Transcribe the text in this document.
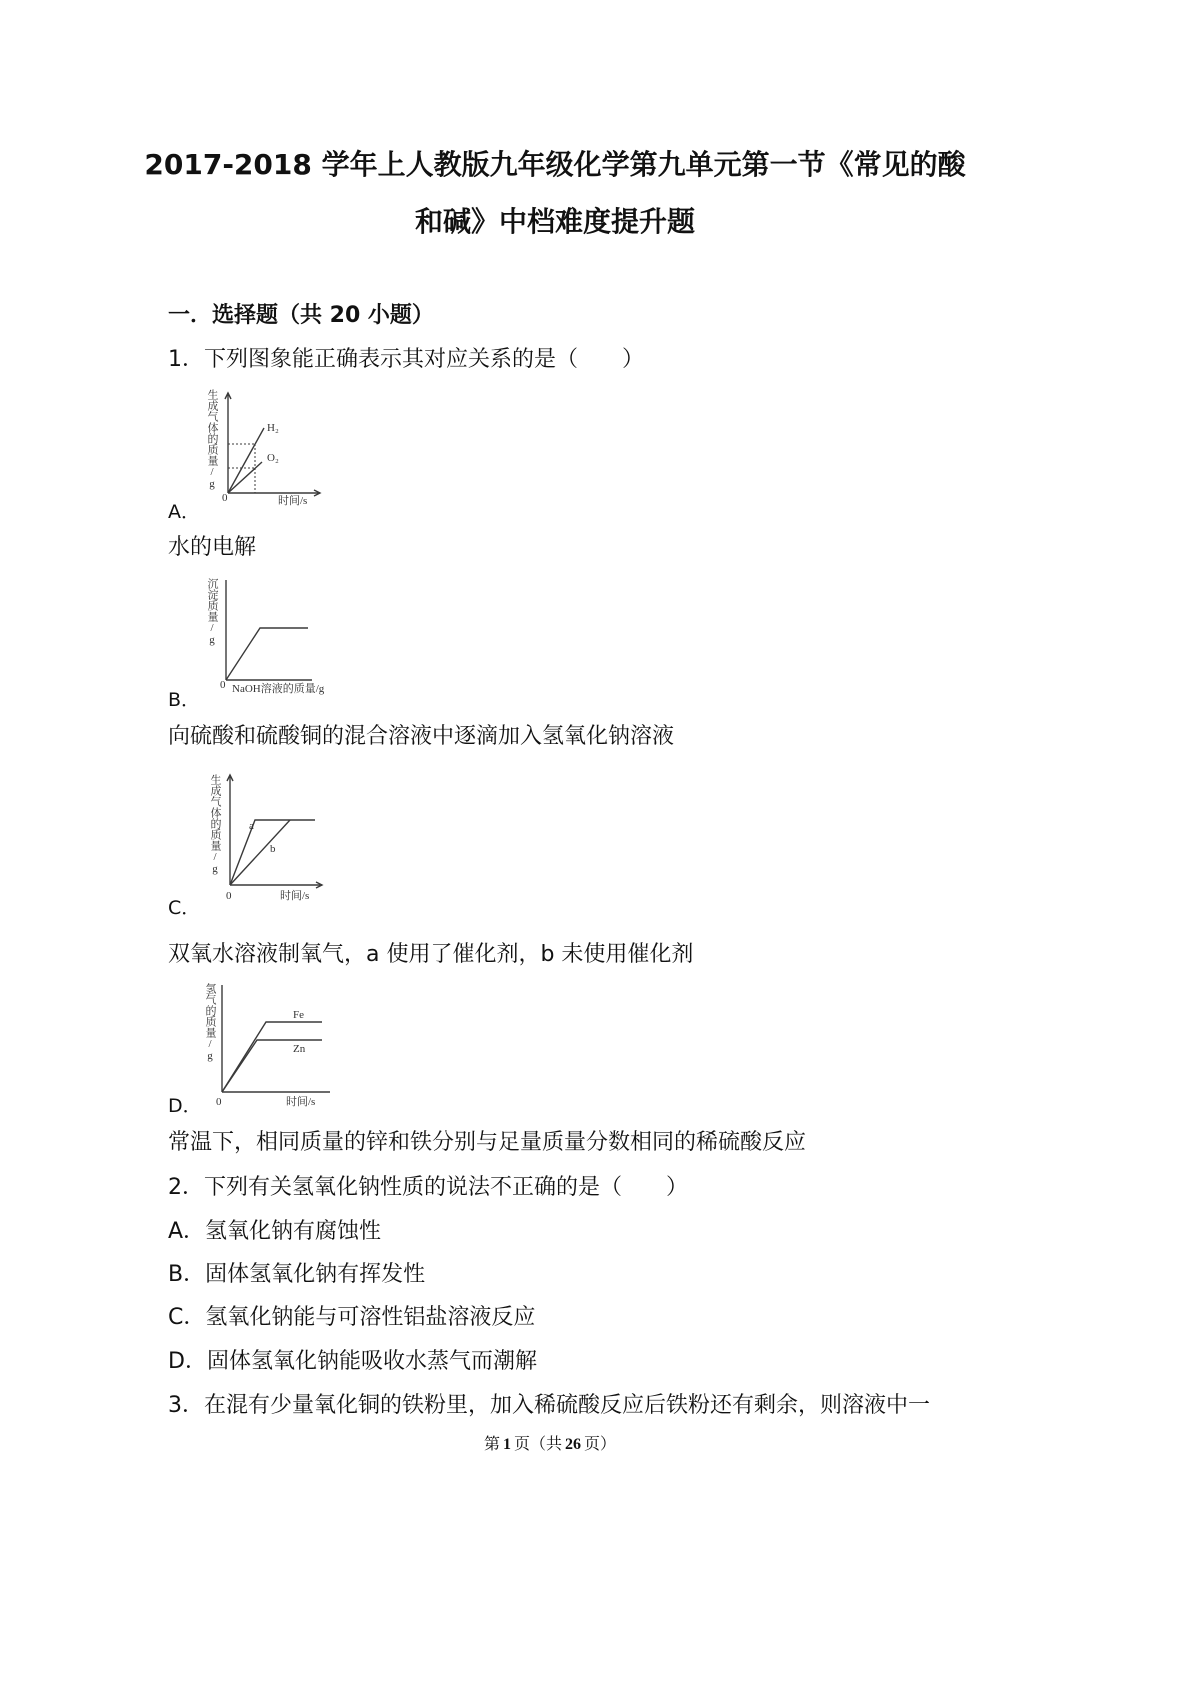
2017-2018 学年上人教版九年级化学第九单元第一节《常见的酸
和碱》中档难度提升题
一．选择题（共 20 小题）
1．下列图象能正确表示其对应关系的是（　　）
生成气体的质量/g	H₂
O₂
0	时间/s
A．
水的电解
沉淀质量/g
0 NaOH溶液的质量/g
B．
向硫酸和硫酸铜的混合溶液中逐滴加入氢氧化钠溶液
生成气体的质量/g	a
b
0	时间/s
C．
双氧水溶液制氧气，a 使用了催化剂，b 未使用催化剂
氢气的质量/g	Fe
Zn
0	时间/s
D．
常温下，相同质量的锌和铁分别与足量质量分数相同的稀硫酸反应
2．下列有关氢氧化钠性质的说法不正确的是（　　）
A．氢氧化钠有腐蚀性
B．固体氢氧化钠有挥发性
C．氢氧化钠能与可溶性铝盐溶液反应
D．固体氢氧化钠能吸收水蒸气而潮解
3．在混有少量氧化铜的铁粉里，加入稀硫酸反应后铁粉还有剩余，则溶液中一
第 1 页（共 26 页）
